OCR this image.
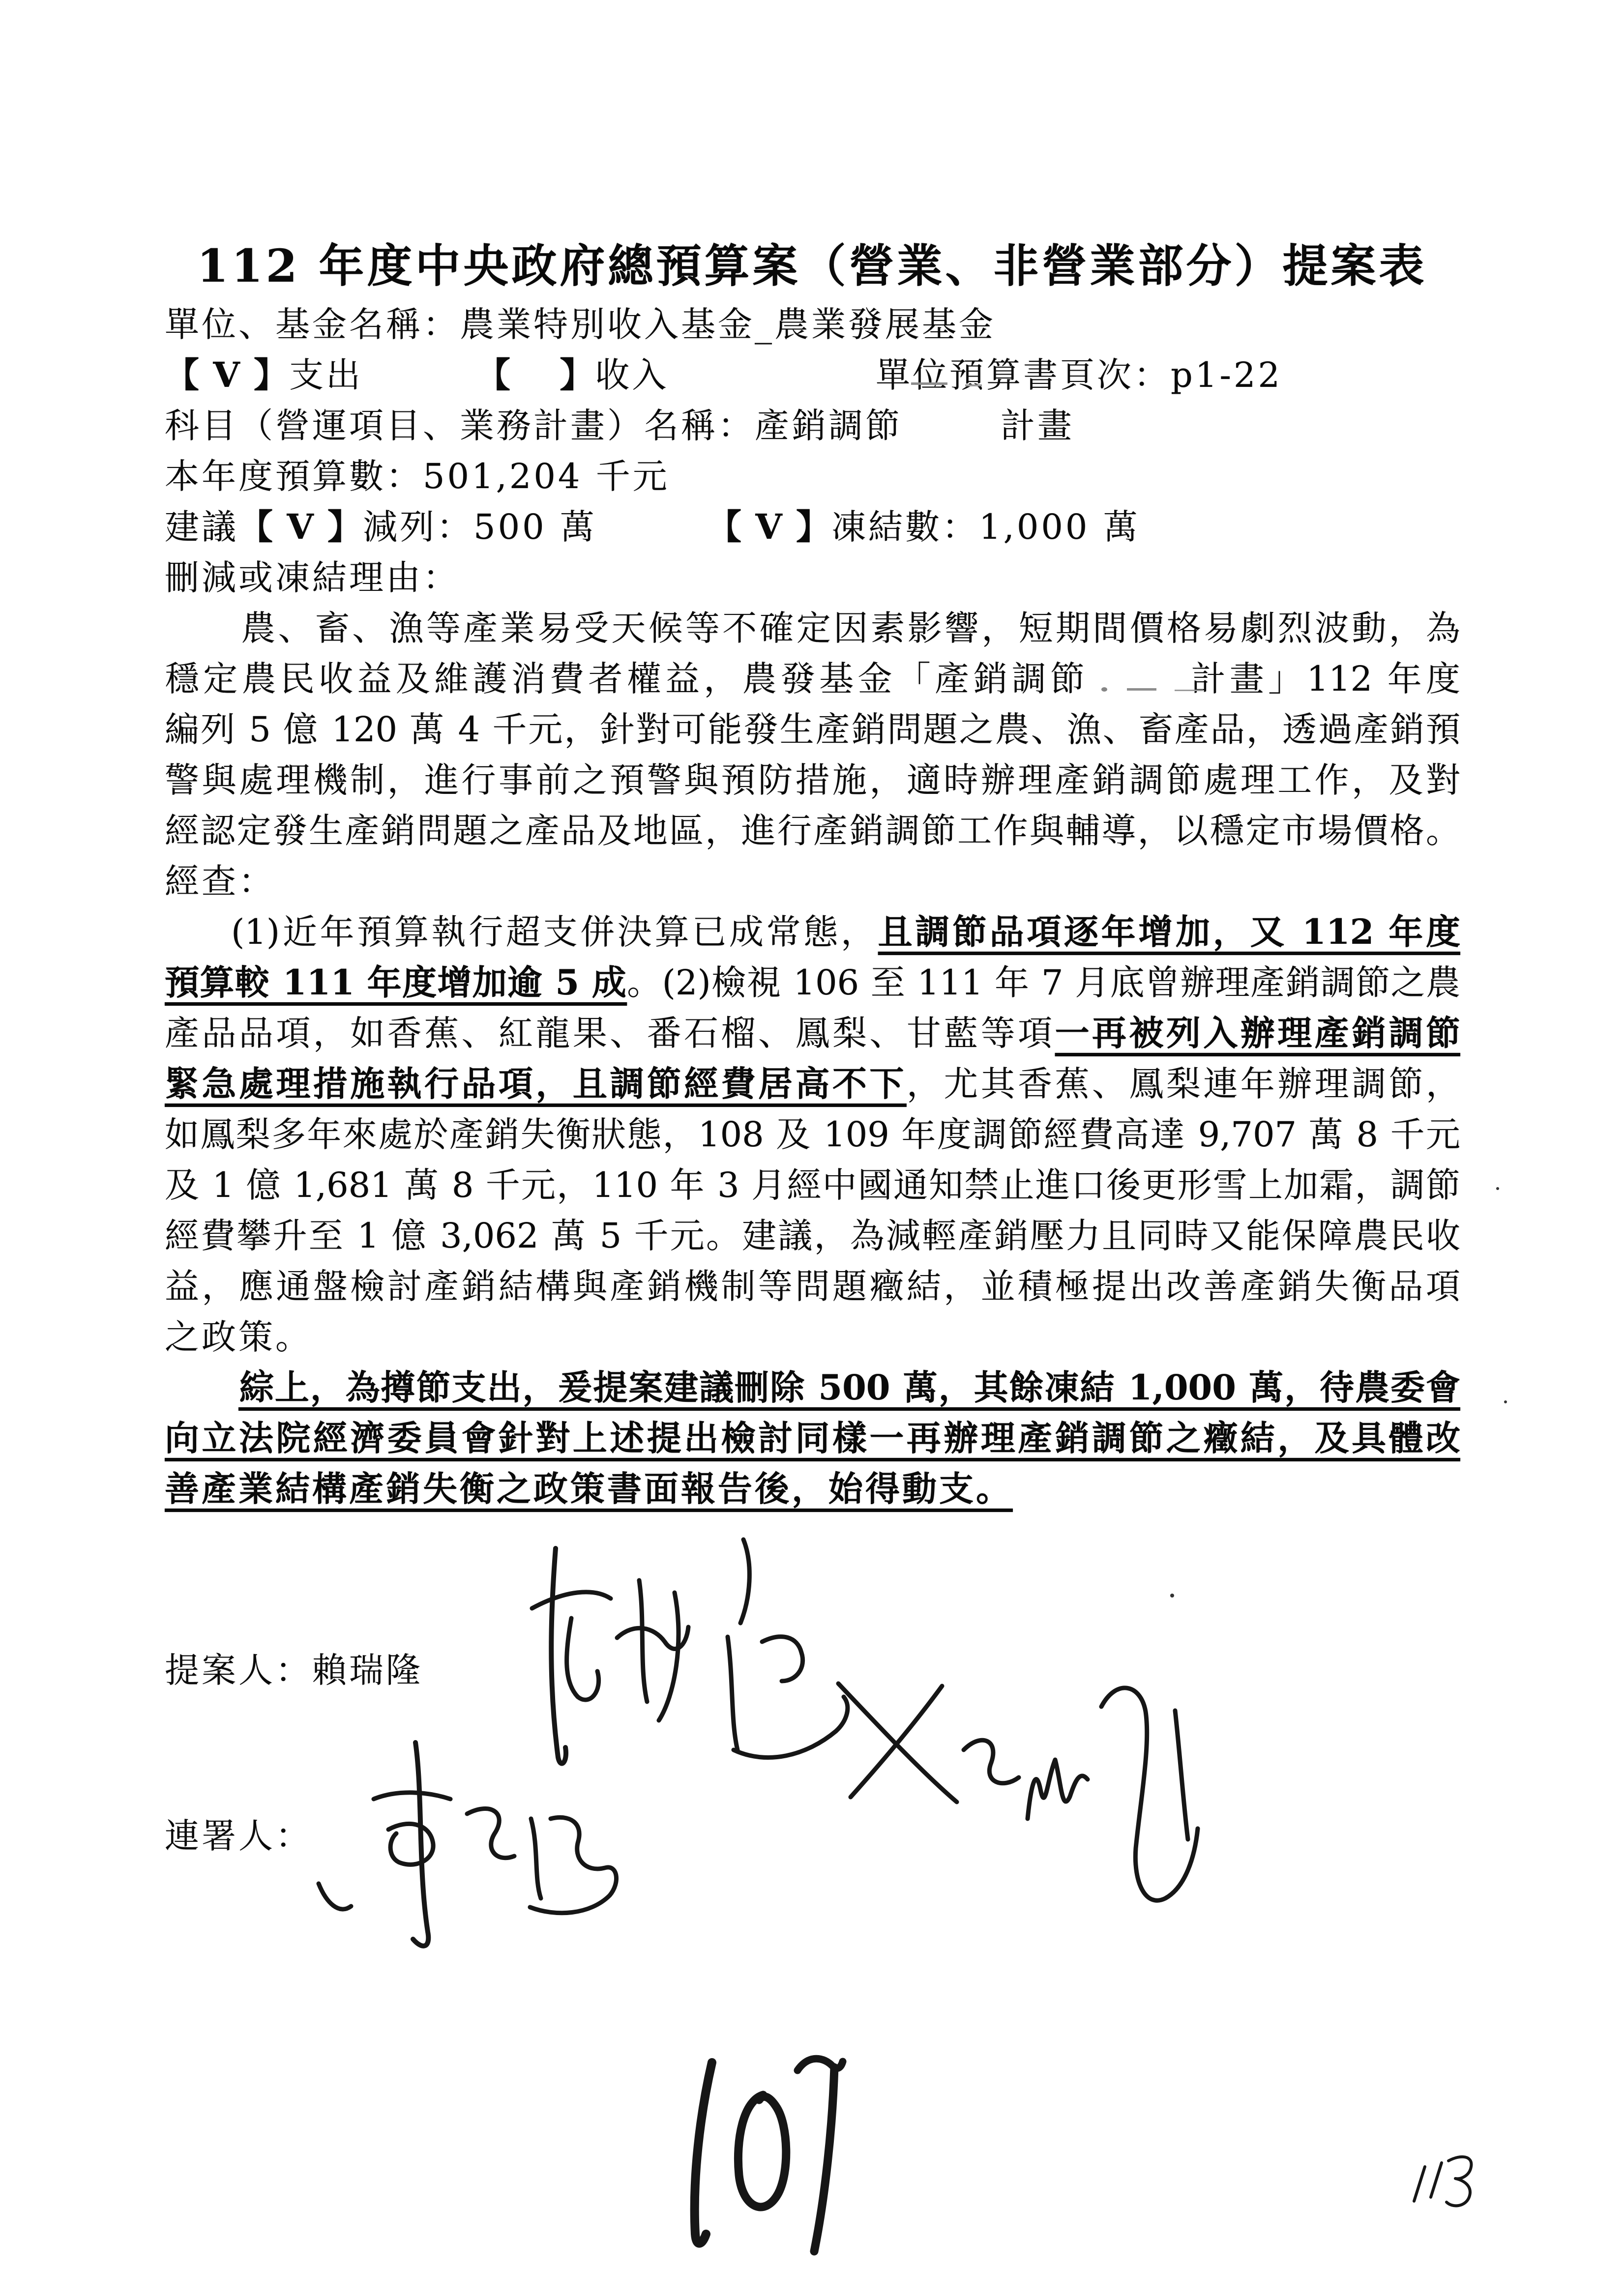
112 年度中央政府總預算案（營業、非營業部分）提案表
單位、基金名稱：農業特別收入基金_農業發展基金
【 V 】支出	【　 】收入	單位預算書頁次：p1-22
科目（營運項目、業務計畫）名稱：產銷調節	計畫
本年度預算數：501,204 千元
建議【 V 】減列：500 萬	【 V 】凍結數：1,000 萬
刪減或凍結理由：
農、畜、漁等產業易受天候等不確定因素影響，短期間價格易劇烈波動，為
穩定農民收益及維護消費者權益，農發基金「產銷調節	計畫」112 年度
編列 5 億 120 萬 4 千元，針對可能發生產銷問題之農、漁、畜產品，透過產銷預
警與處理機制，進行事前之預警與預防措施，適時辦理產銷調節處理工作，及對
經認定發生產銷問題之產品及地區，進行產銷調節工作與輔導，以穩定市場價格。
經查：
(1)近年預算執行超支併決算已成常態，且調節品項逐年增加，又 112 年度
預算較 111 年度增加逾 5 成。(2)檢視 106 至 111 年 7 月底曾辦理產銷調節之農
產品品項，如香蕉、紅龍果、番石榴、鳳梨、甘藍等項一再被列入辦理產銷調節
緊急處理措施執行品項，且調節經費居高不下，尤其香蕉、鳳梨連年辦理調節，
如鳳梨多年來處於產銷失衡狀態，108 及 109 年度調節經費高達 9,707 萬 8 千元
及 1 億 1,681 萬 8 千元，110 年 3 月經中國通知禁止進口後更形雪上加霜，調節
經費攀升至 1 億 3,062 萬 5 千元。建議，為減輕產銷壓力且同時又能保障農民收
益，應通盤檢討產銷結構與產銷機制等問題癥結，並積極提出改善產銷失衡品項
之政策。
綜上，為撙節支出，爰提案建議刪除 500 萬，其餘凍結 1,000 萬，待農委會
向立法院經濟委員會針對上述提出檢討同樣一再辦理產銷調節之癥結，及具體改
善產業結構產銷失衡之政策書面報告後，始得動支。
提案人：賴瑞隆
連署人：
